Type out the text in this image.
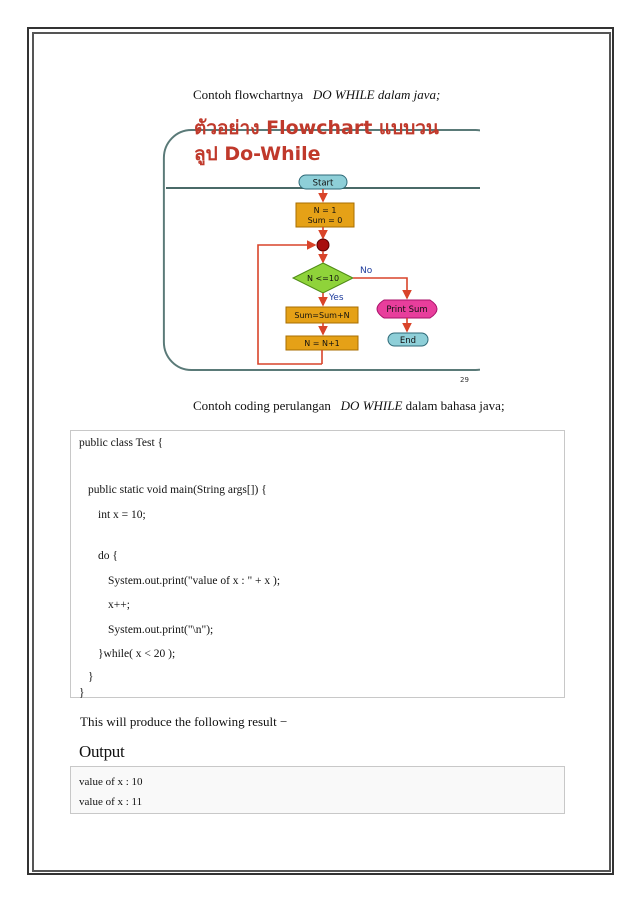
Contoh flowchartnya DO WHILE dalam java;
ตัวอย่าง Flowchart แบบวน
ลูป Do-While
Start
N = 1
Sum = 0
N <=10
No
Yes
Sum=Sum+N
N = N+1
Print Sum
End
29
Contoh coding perulangan DO WHILE dalam bahasa java;
public class Test {
public static void main(String args[]) {
int x = 10;
do {
System.out.print("value of x : " + x );
x++;
System.out.print("\n");
}while( x < 20 );
}
}
This will produce the following result −
Output
value of x : 10
value of x : 11
